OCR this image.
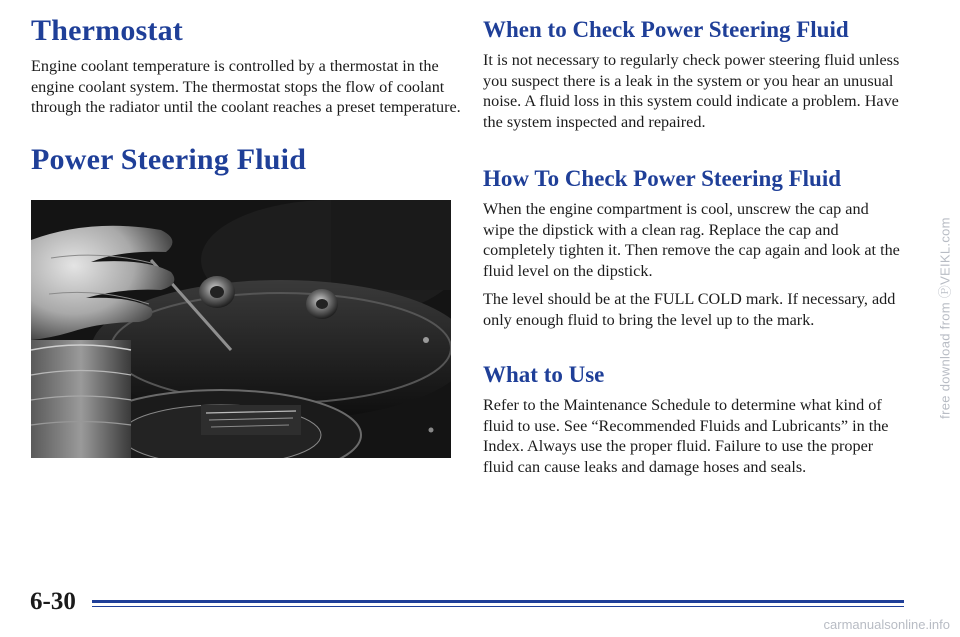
Thermostat

Engine coolant temperature is controlled by a thermostat in the engine coolant system. The thermostat stops the flow of coolant through the radiator until the coolant reaches a preset temperature.

Power Steering Fluid
When to Check Power Steering Fluid

It is not necessary to regularly check power steering fluid unless you suspect there is a leak in the system or you hear an unusual noise. A fluid loss in this system could indicate a problem. Have the system inspected and repaired.

How To Check Power Steering Fluid

When the engine compartment is cool, unscrew the cap and wipe the dipstick with a clean rag. Replace the cap and completely tighten it. Then remove the cap again and look at the fluid level on the dipstick.

The level should be at the FULL COLD mark. If necessary, add only enough fluid to bring the level up to the mark.

What to Use

Refer to the Maintenance Schedule to determine what kind of fluid to use. See “Recommended Fluids and Lubricants” in the Index. Always use the proper fluid. Failure to use the proper fluid can cause leaks and damage hoses and seals.

6-30
free download from ⓅVEIKL.com
carmanualsonline.info
